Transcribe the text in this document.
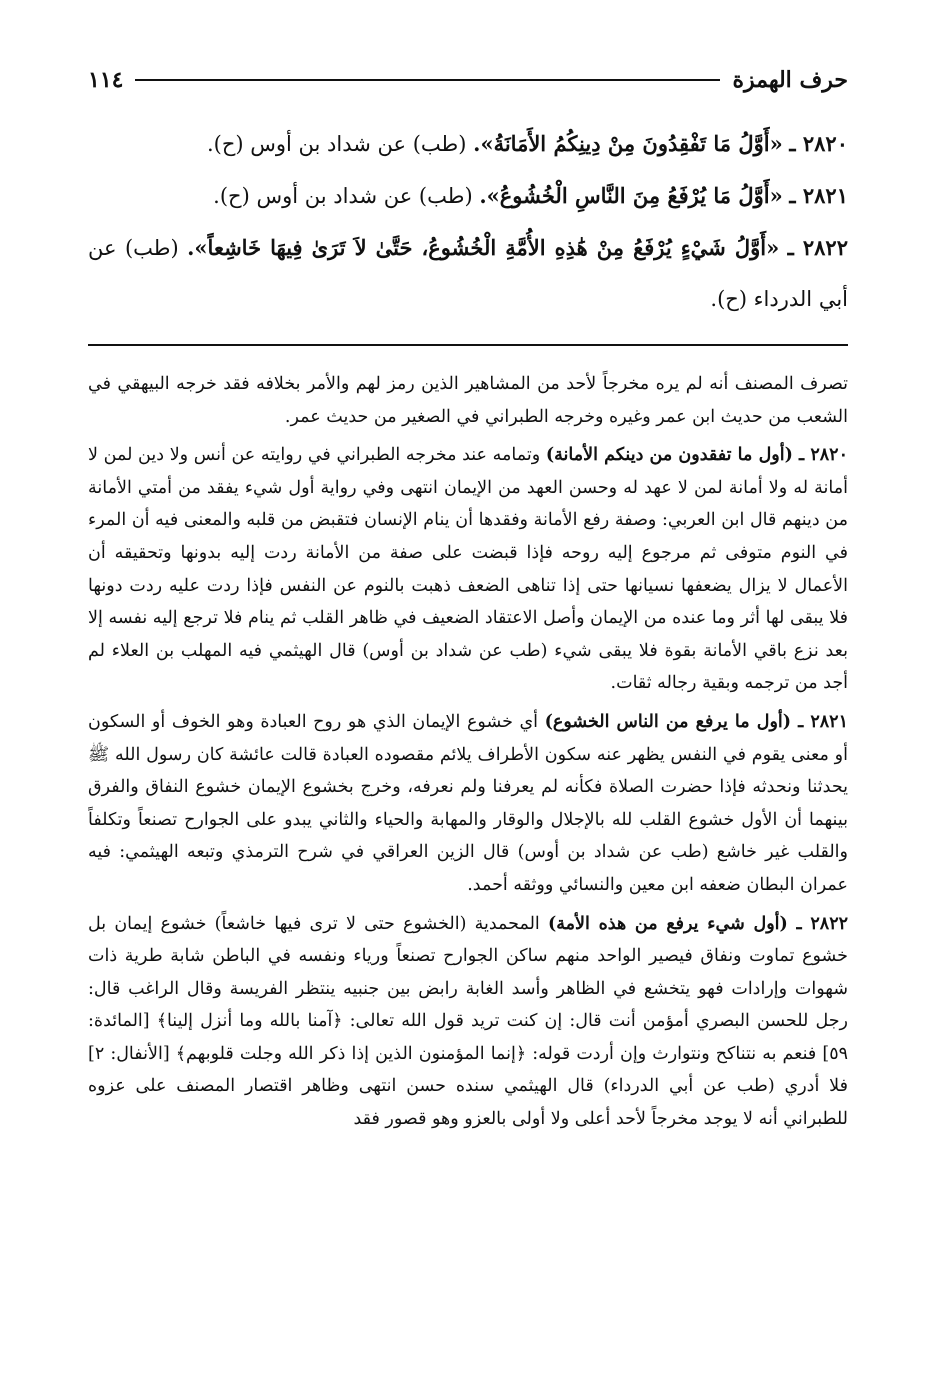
حرف الهمزة
١١٤

٢٨٢٠ ـ «أَوَّلُ مَا تَفْقِدُونَ مِنْ دِينِكُمُ الأَمَانَةُ». (طب) عن شداد بن أوس (ح).

٢٨٢١ ـ «أَوَّلُ مَا يُرْفَعُ مِنَ النَّاسِ الْخُشُوعُ». (طب) عن شداد بن أوس (ح).

٢٨٢٢ ـ «أَوَّلُ شَيْءٍ يُرْفَعُ مِنْ هَٰذِهِ الأُمَّةِ الْخُشُوعُ، حَتَّىٰ لاَ تَرَىٰ فِيهَا خَاشِعاً». (طب) عن أبي الدرداء (ح).

تصرف المصنف أنه لم يره مخرجاً لأحد من المشاهير الذين رمز لهم والأمر بخلافه فقد خرجه البيهقي في الشعب من حديث ابن عمر وغيره وخرجه الطبراني في الصغير من حديث عمر.

٢٨٢٠ ـ (أول ما تفقدون من دينكم الأمانة) وتمامه عند مخرجه الطبراني في روايته عن أنس ولا دين لمن لا أمانة له ولا أمانة لمن لا عهد له وحسن العهد من الإيمان انتهى وفي رواية أول شيء يفقد من أمتي الأمانة من دينهم قال ابن العربي: وصفة رفع الأمانة وفقدها أن ينام الإنسان فتقبض من قلبه والمعنى فيه أن المرء في النوم متوفى ثم مرجوع إليه روحه فإذا قبضت على صفة من الأمانة ردت إليه بدونها وتحقيقه أن الأعمال لا يزال يضعفها نسيانها حتى إذا تناهى الضعف ذهبت بالنوم عن النفس فإذا ردت عليه ردت دونها فلا يبقى لها أثر وما عنده من الإيمان وأصل الاعتقاد الضعيف في ظاهر القلب ثم ينام فلا ترجع إليه نفسه إلا بعد نزع باقي الأمانة بقوة فلا يبقى شيء (طب عن شداد بن أوس) قال الهيثمي فيه المهلب بن العلاء لم أجد من ترجمه وبقية رجاله ثقات.

٢٨٢١ ـ (أول ما يرفع من الناس الخشوع) أي خشوع الإيمان الذي هو روح العبادة وهو الخوف أو السكون أو معنى يقوم في النفس يظهر عنه سكون الأطراف يلائم مقصوده العبادة قالت عائشة كان رسول الله ﷺ يحدثنا ونحدثه فإذا حضرت الصلاة فكأنه لم يعرفنا ولم نعرفه، وخرج بخشوع الإيمان خشوع النفاق والفرق بينهما أن الأول خشوع القلب لله بالإجلال والوقار والمهابة والحياء والثاني يبدو على الجوارح تصنعاً وتكلفاً والقلب غير خاشع (طب عن شداد بن أوس) قال الزين العراقي في شرح الترمذي وتبعه الهيثمي: فيه عمران البطان ضعفه ابن معين والنسائي ووثقه أحمد.

٢٨٢٢ ـ (أول شيء يرفع من هذه الأمة) المحمدية (الخشوع حتى لا ترى فيها خاشعاً) خشوع إيمان بل خشوع تماوت ونفاق فيصير الواحد منهم ساكن الجوارح تصنعاً ورياء ونفسه في الباطن شابة طرية ذات شهوات وإرادات فهو يتخشع في الظاهر وأسد الغابة رابض بين جنبيه ينتظر الفريسة وقال الراغب قال: رجل للحسن البصري أمؤمن أنت قال: إن كنت تريد قول الله تعالى: ﴿آمنا بالله وما أنزل إلينا﴾ [المائدة: ٥٩] فنعم به نتناكح ونتوارث وإن أردت قوله: ﴿إنما المؤمنون الذين إذا ذكر الله وجلت قلوبهم﴾ [الأنفال: ٢] فلا أدري (طب عن أبي الدرداء) قال الهيثمي سنده حسن انتهى وظاهر اقتصار المصنف على عزوه للطبراني أنه لا يوجد مخرجاً لأحد أعلى ولا أولى بالعزو وهو قصور فقد
